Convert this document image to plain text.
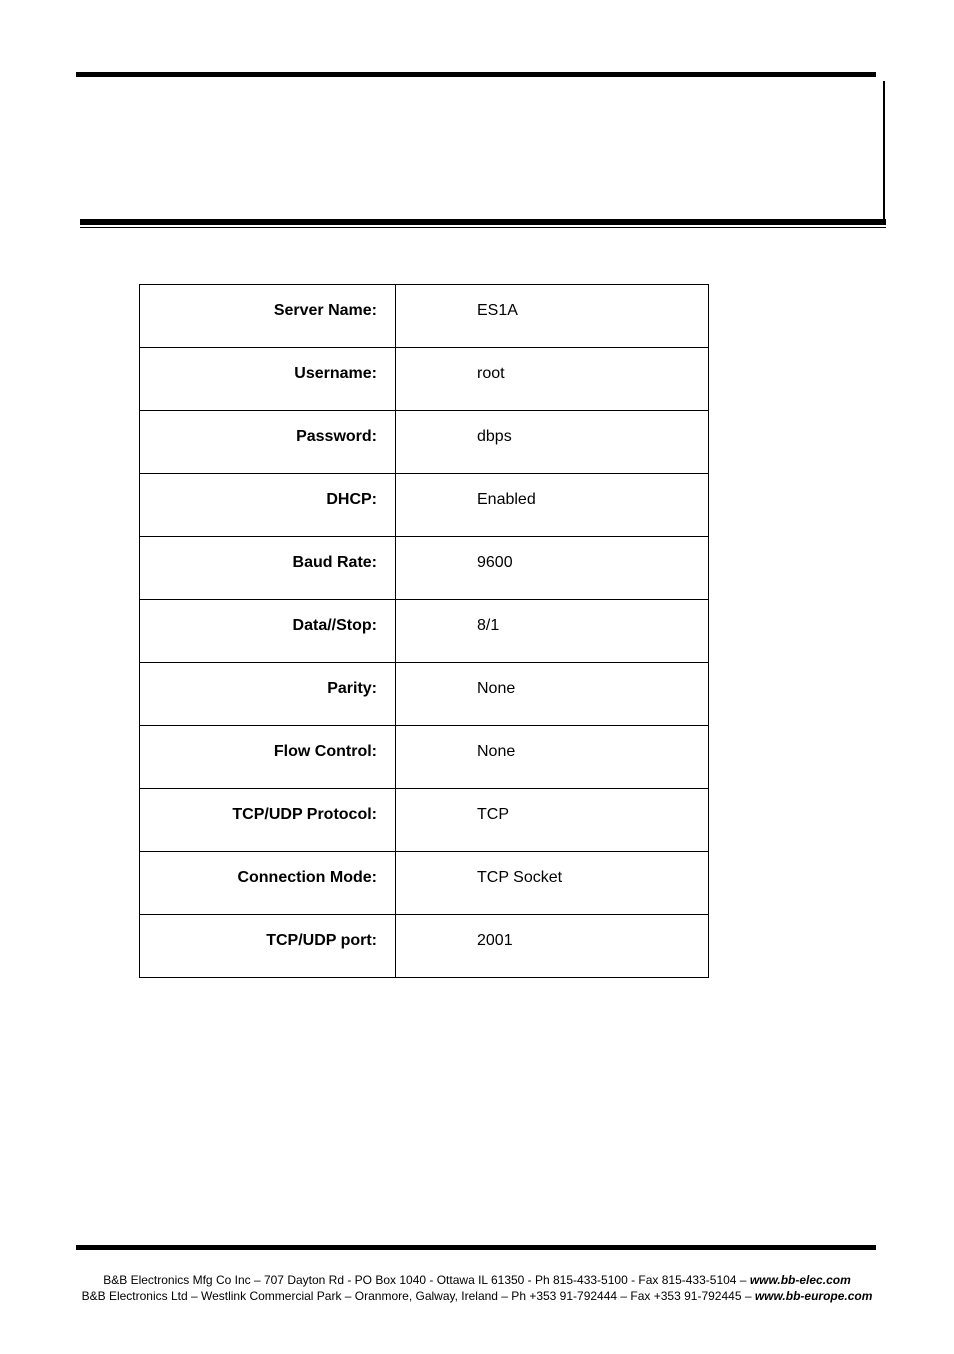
Server Name:	ES1A
Username:	root
Password:	dbps
DHCP:	Enabled
Baud Rate:	9600
Data//Stop:	8/1
Parity:	None
Flow Control:	None
TCP/UDP Protocol:	TCP
Connection Mode:	TCP Socket
TCP/UDP port:	2001
B&B Electronics Mfg Co Inc – 707 Dayton Rd - PO Box 1040 - Ottawa IL 61350 - Ph 815-433-5100 - Fax 815-433-5104 – www.bb-elec.com
B&B Electronics Ltd – Westlink Commercial Park – Oranmore, Galway, Ireland – Ph +353 91-792444 – Fax +353 91-792445 – www.bb-europe.com
